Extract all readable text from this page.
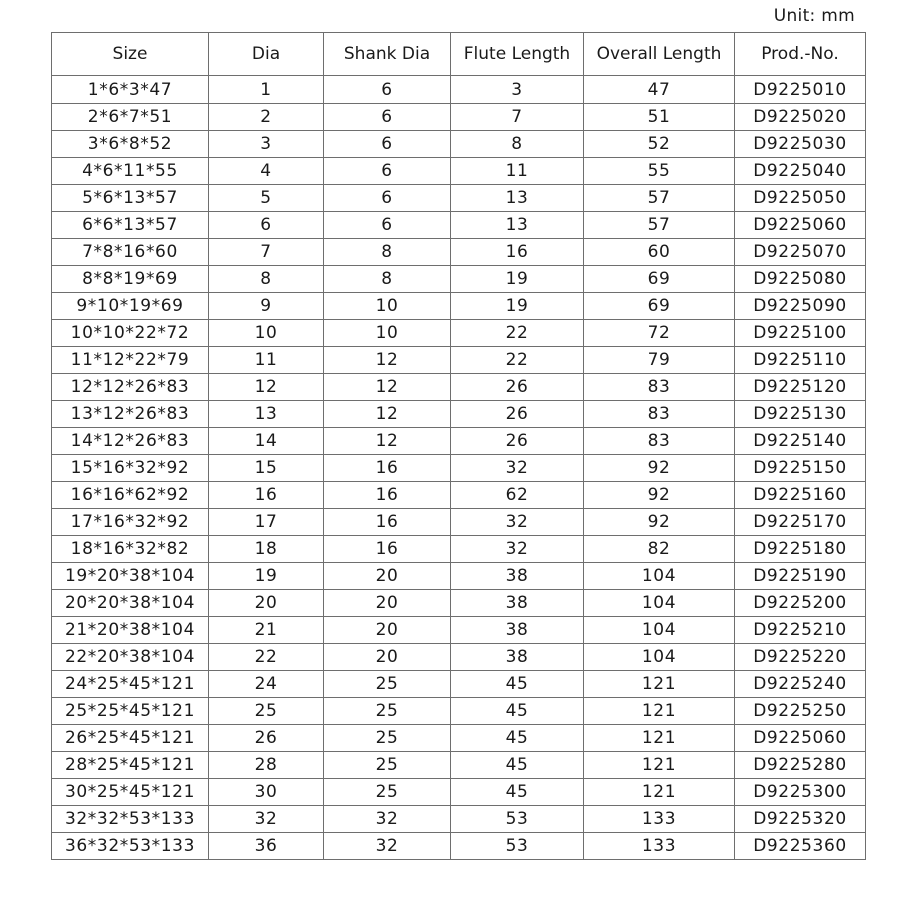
Unit: mm
Size	Dia	Shank Dia	Flute Length	Overall Length	Prod.-No.
1*6*3*47	1	6	3	47	D9225010
2*6*7*51	2	6	7	51	D9225020
3*6*8*52	3	6	8	52	D9225030
4*6*11*55	4	6	11	55	D9225040
5*6*13*57	5	6	13	57	D9225050
6*6*13*57	6	6	13	57	D9225060
7*8*16*60	7	8	16	60	D9225070
8*8*19*69	8	8	19	69	D9225080
9*10*19*69	9	10	19	69	D9225090
10*10*22*72	10	10	22	72	D9225100
11*12*22*79	11	12	22	79	D9225110
12*12*26*83	12	12	26	83	D9225120
13*12*26*83	13	12	26	83	D9225130
14*12*26*83	14	12	26	83	D9225140
15*16*32*92	15	16	32	92	D9225150
16*16*62*92	16	16	62	92	D9225160
17*16*32*92	17	16	32	92	D9225170
18*16*32*82	18	16	32	82	D9225180
19*20*38*104	19	20	38	104	D9225190
20*20*38*104	20	20	38	104	D9225200
21*20*38*104	21	20	38	104	D9225210
22*20*38*104	22	20	38	104	D9225220
24*25*45*121	24	25	45	121	D9225240
25*25*45*121	25	25	45	121	D9225250
26*25*45*121	26	25	45	121	D9225060
28*25*45*121	28	25	45	121	D9225280
30*25*45*121	30	25	45	121	D9225300
32*32*53*133	32	32	53	133	D9225320
36*32*53*133	36	32	53	133	D9225360
